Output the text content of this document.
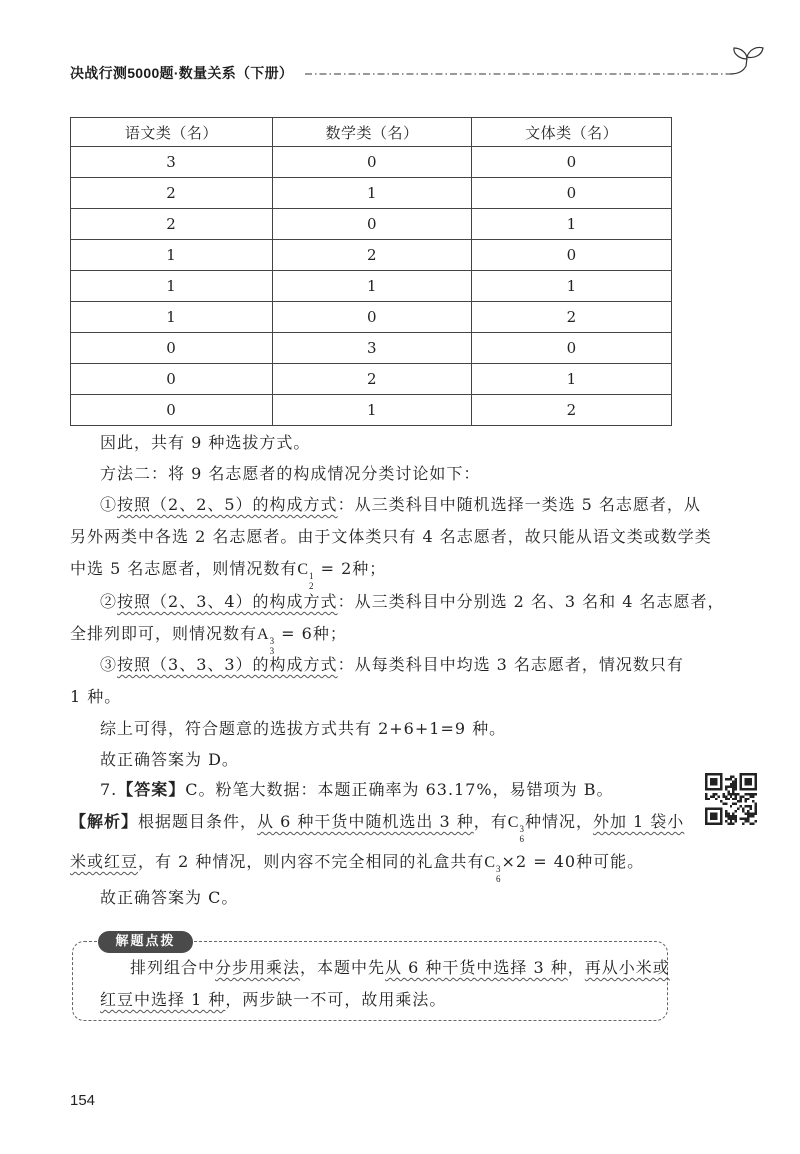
决战行测5000题·数量关系（下册）
语文类（名）	数学类（名）	文体类（名）
3	0	0
2	1	0
2	0	1
1	2	0
1	1	1
1	0	2
0	3	0
0	2	1
0	1	2
因此，共有 9 种选拔方式。
方法二：将 9 名志愿者的构成情况分类讨论如下：
①按照（2、2、5）的构成方式：从三类科目中随机选择一类选 5 名志愿者，从
另外两类中各选 2 名志愿者。由于文体类只有 4 名志愿者，故只能从语文类或数学类
中选 5 名志愿者，则情况数有C 1
2
= 2种；
②按照（2、3、4）的构成方式：从三类科目中分别选 2 名、3 名和 4 名志愿者，
全排列即可，则情况数有A 3
3
= 6种；
③按照（3、3、3）的构成方式：从每类科目中均选 3 名志愿者，情况数只有
1 种。
综上可得，符合题意的选拔方式共有 2+6+1=9 种。
故正确答案为 D。
7.【答案】C。粉笔大数据：本题正确率为 63.17%，易错项为 B。
【解析】根据题目条件，从 6 种干货中随机选出 3 种，有C 3
6
种情况，外加 1 袋小
米或红豆，有 2 种情况，则内容不完全相同的礼盒共有C 3
6
×2 = 40种可能。
故正确答案为 C。
解题点拨
排列组合中分步用乘法，本题中先从 6 种干货中选择 3 种，再从小米或
红豆中选择 1 种，两步缺一不可，故用乘法。
154
